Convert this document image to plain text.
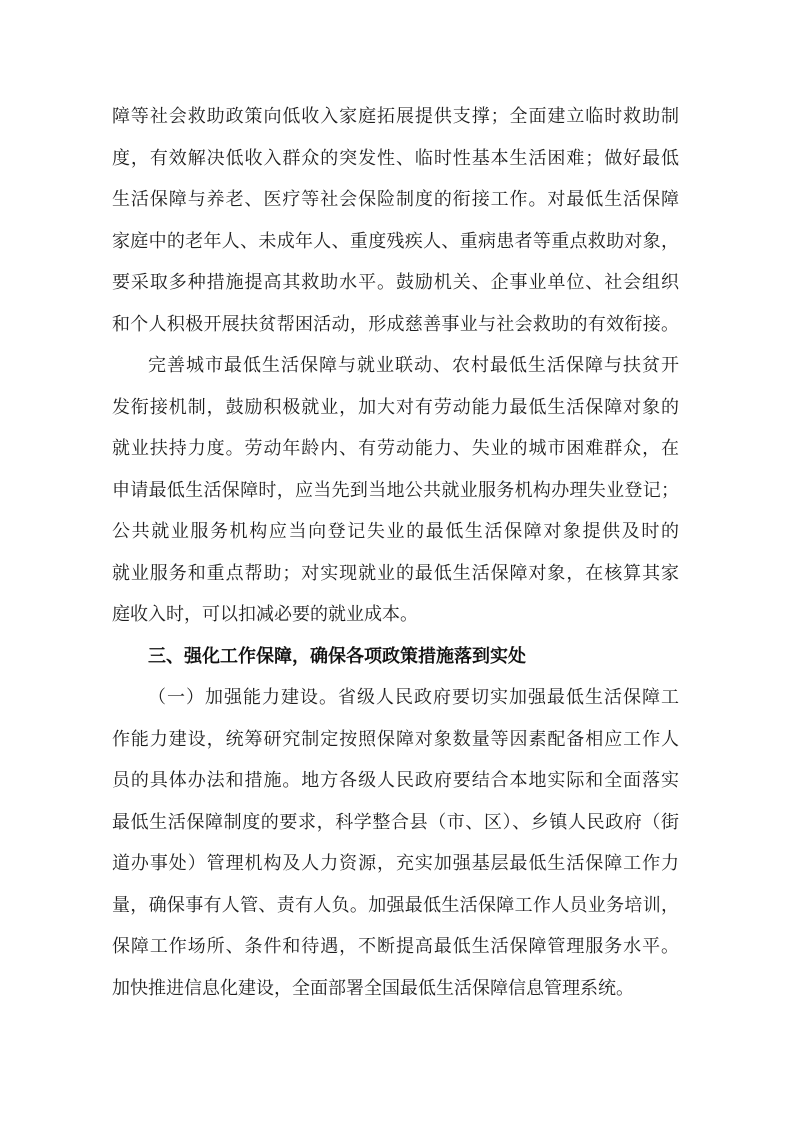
障等社会救助政策向低收入家庭拓展提供支撑；全面建立临时救助制
度，有效解决低收入群众的突发性、临时性基本生活困难；做好最低
生活保障与养老、医疗等社会保险制度的衔接工作。对最低生活保障
家庭中的老年人、未成年人、重度残疾人、重病患者等重点救助对象，
要采取多种措施提高其救助水平。鼓励机关、企事业单位、社会组织
和个人积极开展扶贫帮困活动，形成慈善事业与社会救助的有效衔接。
完善城市最低生活保障与就业联动、农村最低生活保障与扶贫开
发衔接机制，鼓励积极就业，加大对有劳动能力最低生活保障对象的
就业扶持力度。劳动年龄内、有劳动能力、失业的城市困难群众，在
申请最低生活保障时，应当先到当地公共就业服务机构办理失业登记；
公共就业服务机构应当向登记失业的最低生活保障对象提供及时的
就业服务和重点帮助；对实现就业的最低生活保障对象，在核算其家
庭收入时，可以扣减必要的就业成本。
三、强化工作保障，确保各项政策措施落到实处
（一）加强能力建设。省级人民政府要切实加强最低生活保障工
作能力建设，统筹研究制定按照保障对象数量等因素配备相应工作人
员的具体办法和措施。地方各级人民政府要结合本地实际和全面落实
最低生活保障制度的要求，科学整合县（市、区）、乡镇人民政府（街
道办事处）管理机构及人力资源，充实加强基层最低生活保障工作力
量，确保事有人管、责有人负。加强最低生活保障工作人员业务培训，
保障工作场所、条件和待遇，不断提高最低生活保障管理服务水平。
加快推进信息化建设，全面部署全国最低生活保障信息管理系统。
